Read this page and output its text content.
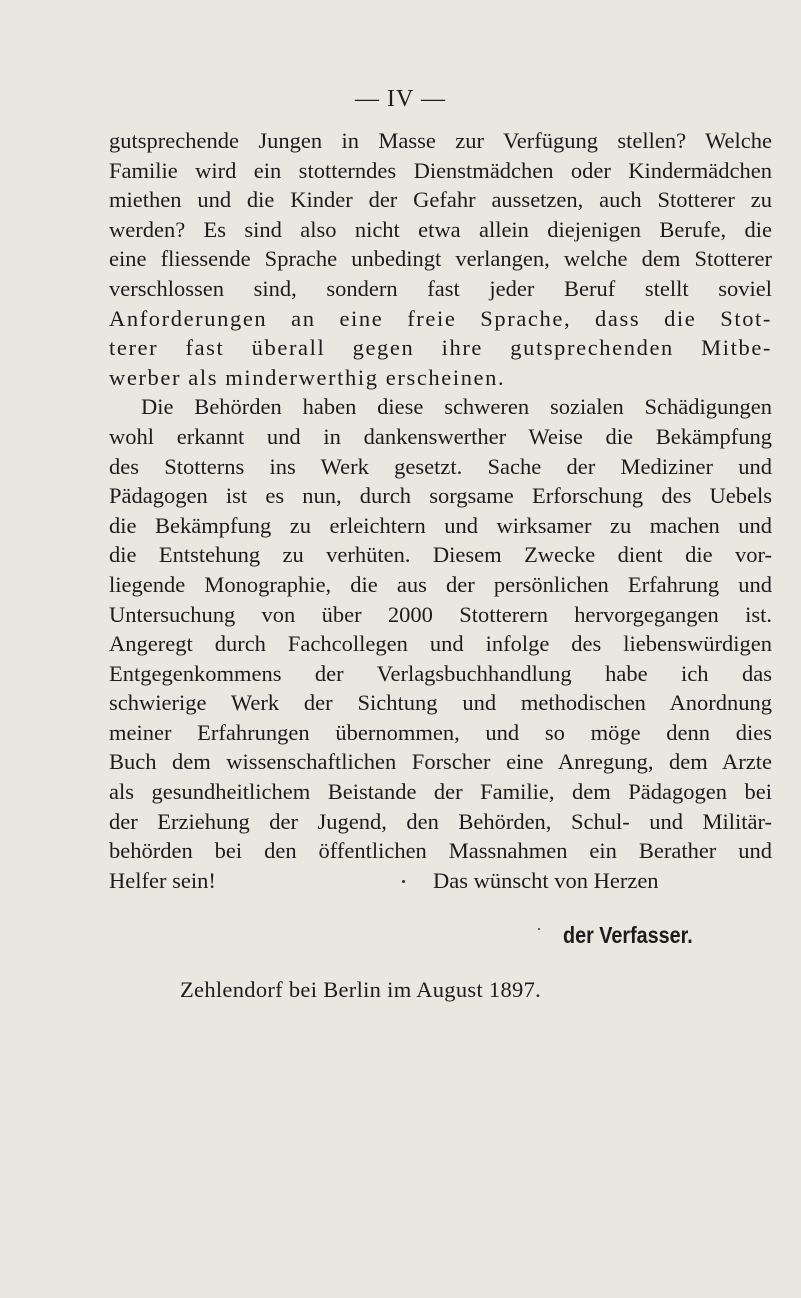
— IV —
gutsprechende Jungen in Masse zur Verfügung stellen? Welche
Familie wird ein stotterndes Dienstmädchen oder Kindermädchen
miethen und die Kinder der Gefahr aussetzen, auch Stotterer zu
werden? Es sind also nicht etwa allein diejenigen Berufe, die
eine fliessende Sprache unbedingt verlangen, welche dem Stotterer
verschlossen sind, sondern fast jeder Beruf stellt soviel
Anforderungen an eine freie Sprache, dass die Stot-
terer fast überall gegen ihre gutsprechenden Mitbe-
werber als minderwerthig erscheinen.
Die Behörden haben diese schweren sozialen Schädigungen
wohl erkannt und in dankenswerther Weise die Bekämpfung
des Stotterns ins Werk gesetzt. Sache der Mediziner und
Pädagogen ist es nun, durch sorgsame Erforschung des Uebels
die Bekämpfung zu erleichtern und wirksamer zu machen und
die Entstehung zu verhüten. Diesem Zwecke dient die vor-
liegende Monographie, die aus der persönlichen Erfahrung und
Untersuchung von über 2000 Stotterern hervorgegangen ist.
Angeregt durch Fachcollegen und infolge des liebenswürdigen
Entgegenkommens der Verlagsbuchhandlung habe ich das
schwierige Werk der Sichtung und methodischen Anordnung
meiner Erfahrungen übernommen, und so möge denn dies
Buch dem wissenschaftlichen Forscher eine Anregung, dem Arzte
als gesundheitlichem Beistande der Familie, dem Pädagogen bei
der Erziehung der Jugend, den Behörden, Schul- und Militär-
behörden bei den öffentlichen Massnahmen ein Berather und
Helfer sein!	Das wünscht von Herzen
der Verfasser.
Zehlendorf bei Berlin im August 1897.
